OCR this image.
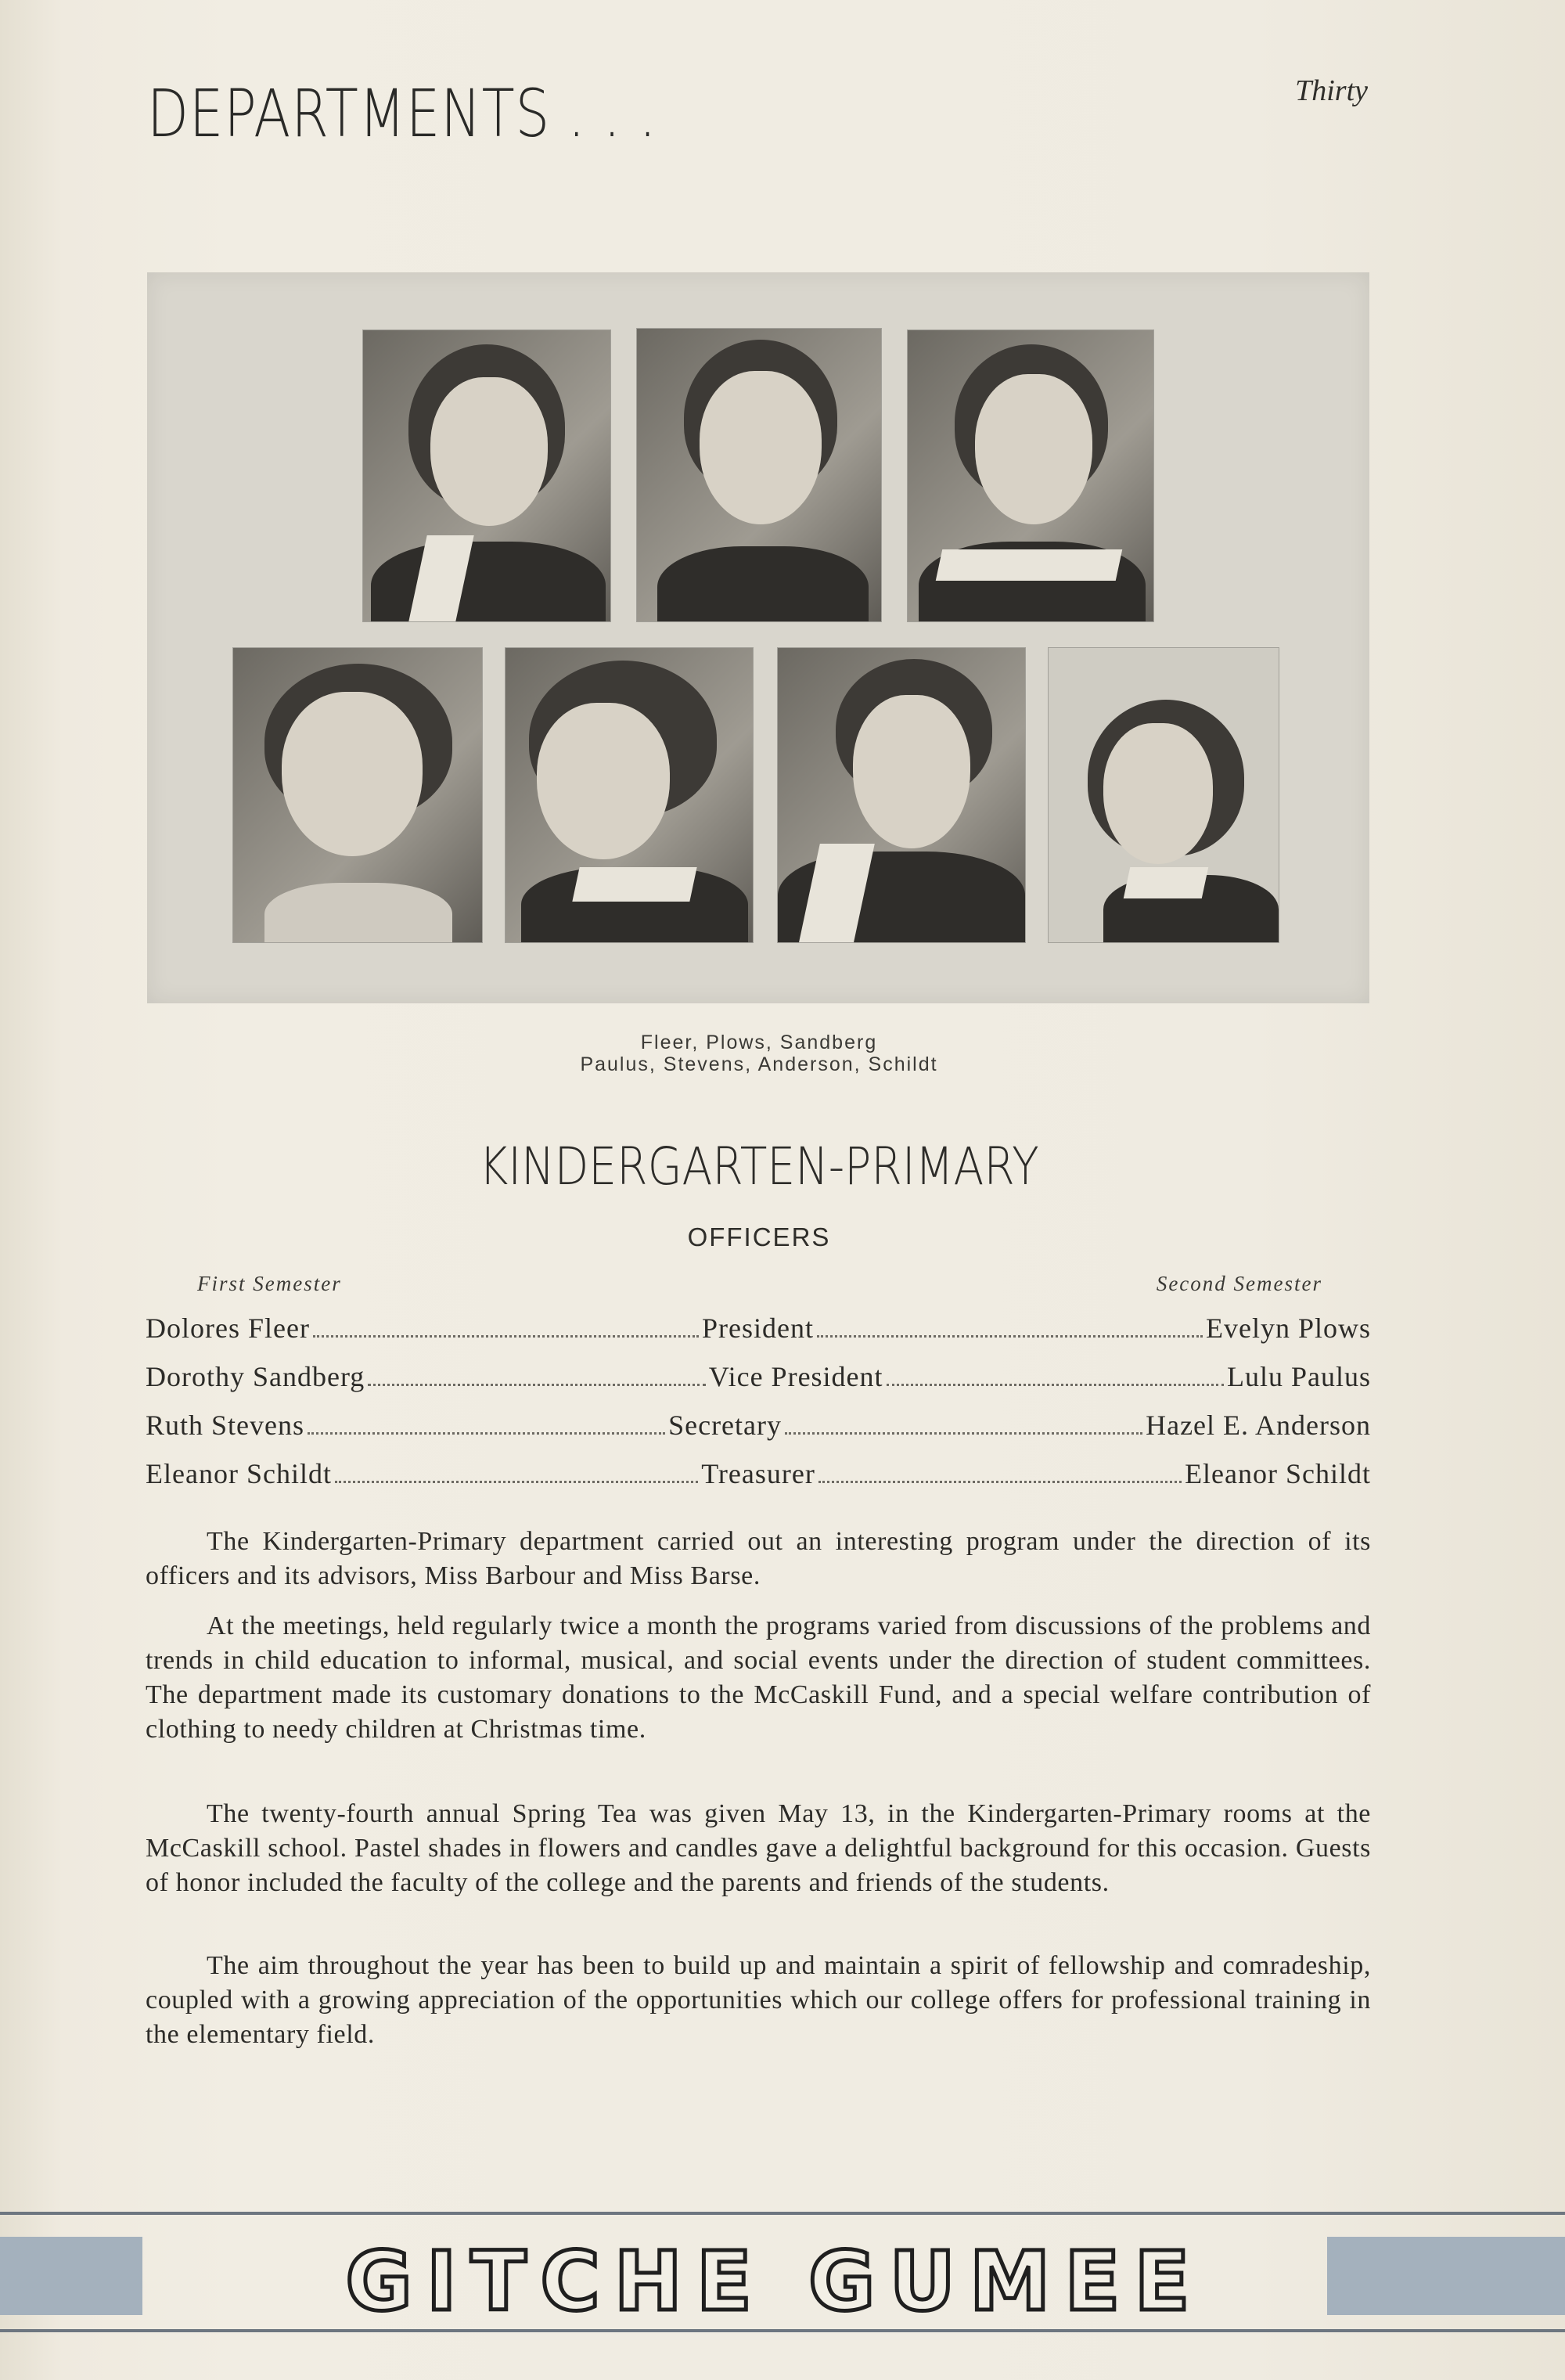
DEPARTMENTS . . .	Thirty
Fleer, Plows, Sandberg
Paulus, Stevens, Anderson, Schildt
KINDERGARTEN-PRIMARY
OFFICERS
First Semester	Second Semester
Dolores Fleer	President	Evelyn Plows
Dorothy Sandberg	Vice President	Lulu Paulus
Ruth Stevens	Secretary	Hazel E. Anderson
Eleanor Schildt	Treasurer	Eleanor Schildt

The Kindergarten-Primary department carried out an interesting program under the direction of its officers and its advisors, Miss Barbour and Miss Barse.

At the meetings, held regularly twice a month the programs varied from discussions of the problems and trends in child education to informal, musical, and social events under the direction of student committees. The department made its customary donations to the McCaskill Fund, and a special welfare contribution of clothing to needy children at Christmas time.

The twenty-fourth annual Spring Tea was given May 13, in the Kindergarten-Primary rooms at the McCaskill school. Pastel shades in flowers and candles gave a delightful background for this occasion. Guests of honor included the faculty of the college and the parents and friends of the students.

The aim throughout the year has been to build up and maintain a spirit of fellowship and comradeship, coupled with a growing appreciation of the opportunities which our college offers for professional training in the elementary field.

GITCHE GUMEE
